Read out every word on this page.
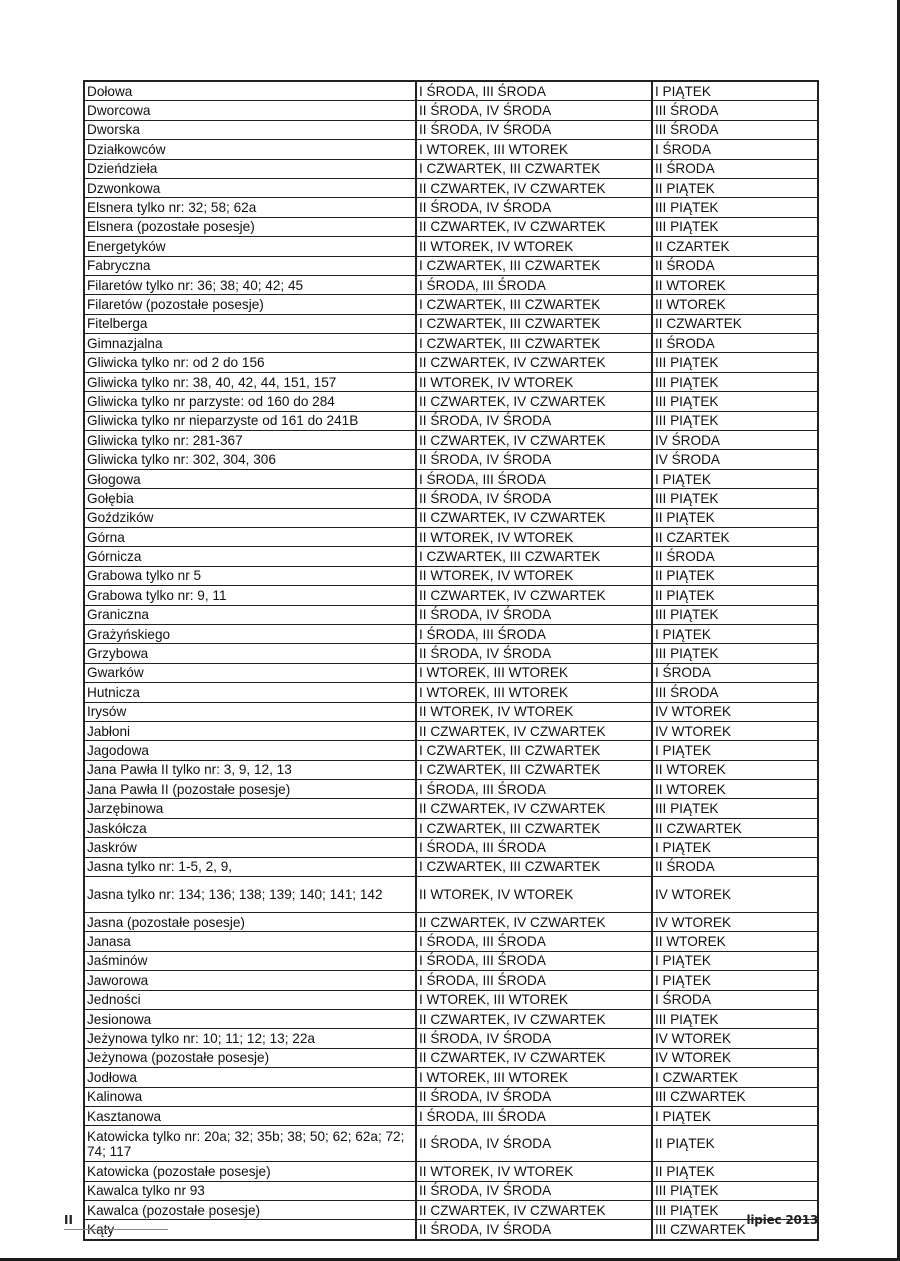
Dołowa	I ŚRODA, III ŚRODA	I PIĄTEK
Dworcowa	II ŚRODA, IV ŚRODA	III ŚRODA
Dworska	II ŚRODA, IV ŚRODA	III ŚRODA
Działkowców	I WTOREK, III WTOREK	I ŚRODA
Dzieńdzieła	I CZWARTEK, III CZWARTEK	II ŚRODA
Dzwonkowa	II CZWARTEK, IV CZWARTEK	II PIĄTEK
Elsnera tylko nr: 32; 58; 62a	II ŚRODA, IV ŚRODA	III PIĄTEK
Elsnera (pozostałe posesje)	II CZWARTEK, IV CZWARTEK	III PIĄTEK
Energetyków	II WTOREK, IV WTOREK	II CZARTEK
Fabryczna	I CZWARTEK, III CZWARTEK	II ŚRODA
Filaretów tylko nr: 36; 38; 40; 42; 45	I ŚRODA, III ŚRODA	II WTOREK
Filaretów (pozostałe posesje)	I CZWARTEK, III CZWARTEK	II WTOREK
Fitelberga	I CZWARTEK, III CZWARTEK	II CZWARTEK
Gimnazjalna	I CZWARTEK, III CZWARTEK	II ŚRODA
Gliwicka tylko nr: od 2 do 156	II CZWARTEK, IV CZWARTEK	III PIĄTEK
Gliwicka tylko nr: 38, 40, 42, 44, 151, 157	II WTOREK, IV WTOREK	III PIĄTEK
Gliwicka tylko nr parzyste: od 160 do 284	II CZWARTEK, IV CZWARTEK	III PIĄTEK
Gliwicka tylko nr nieparzyste od 161 do 241B	II ŚRODA, IV ŚRODA	III PIĄTEK
Gliwicka tylko nr: 281-367	II CZWARTEK, IV CZWARTEK	IV ŚRODA
Gliwicka tylko nr: 302, 304, 306	II ŚRODA, IV ŚRODA	IV ŚRODA
Głogowa	I ŚRODA, III ŚRODA	I PIĄTEK
Gołębia	II ŚRODA, IV ŚRODA	III PIĄTEK
Goździków	II CZWARTEK, IV CZWARTEK	II PIĄTEK
Górna	II WTOREK, IV WTOREK	II CZARTEK
Górnicza	I CZWARTEK, III CZWARTEK	II ŚRODA
Grabowa tylko nr 5	II WTOREK, IV WTOREK	II PIĄTEK
Grabowa tylko nr: 9, 11	II CZWARTEK, IV CZWARTEK	II PIĄTEK
Graniczna	II ŚRODA, IV ŚRODA	III PIĄTEK
Grażyńskiego	I ŚRODA, III ŚRODA	I PIĄTEK
Grzybowa	II ŚRODA, IV ŚRODA	III PIĄTEK
Gwarków	I WTOREK, III WTOREK	I ŚRODA
Hutnicza	I WTOREK, III WTOREK	III ŚRODA
Irysów	II WTOREK, IV WTOREK	IV WTOREK
Jabłoni	II CZWARTEK, IV CZWARTEK	IV WTOREK
Jagodowa	I CZWARTEK, III CZWARTEK	I PIĄTEK
Jana Pawła II tylko nr: 3, 9, 12, 13	I CZWARTEK, III CZWARTEK	II WTOREK
Jana Pawła II (pozostałe posesje)	I ŚRODA, III ŚRODA	II WTOREK
Jarzębinowa	II CZWARTEK, IV CZWARTEK	III PIĄTEK
Jaskółcza	I CZWARTEK, III CZWARTEK	II CZWARTEK
Jaskrów	I ŚRODA, III ŚRODA	I PIĄTEK
Jasna tylko nr: 1-5, 2, 9,	I CZWARTEK, III CZWARTEK	II ŚRODA
Jasna tylko nr: 134; 136; 138; 139; 140; 141; 142	II WTOREK, IV WTOREK	IV WTOREK
Jasna (pozostałe posesje)	II CZWARTEK, IV CZWARTEK	IV WTOREK
Janasa	I ŚRODA, III ŚRODA	II WTOREK
Jaśminów	I ŚRODA, III ŚRODA	I PIĄTEK
Jaworowa	I ŚRODA, III ŚRODA	I PIĄTEK
Jedności	I WTOREK, III WTOREK	I ŚRODA
Jesionowa	II CZWARTEK, IV CZWARTEK	III PIĄTEK
Jeżynowa tylko nr: 10; 11; 12; 13; 22a	II ŚRODA, IV ŚRODA	IV WTOREK
Jeżynowa (pozostałe posesje)	II CZWARTEK, IV CZWARTEK	IV WTOREK
Jodłowa	I WTOREK, III WTOREK	I CZWARTEK
Kalinowa	II ŚRODA, IV ŚRODA	III CZWARTEK
Kasztanowa	I ŚRODA, III ŚRODA	I PIĄTEK
Katowicka tylko nr: 20a; 32; 35b; 38; 50; 62; 62a; 72; 74; 117	II ŚRODA, IV ŚRODA	II PIĄTEK
Katowicka (pozostałe posesje)	II WTOREK, IV WTOREK	II PIĄTEK
Kawalca tylko nr 93	II ŚRODA, IV ŚRODA	III PIĄTEK
Kawalca (pozostałe posesje)	II CZWARTEK, IV CZWARTEK	III PIĄTEK
Kąty	II ŚRODA, IV ŚRODA	III CZWARTEK
II	lipiec 2013
